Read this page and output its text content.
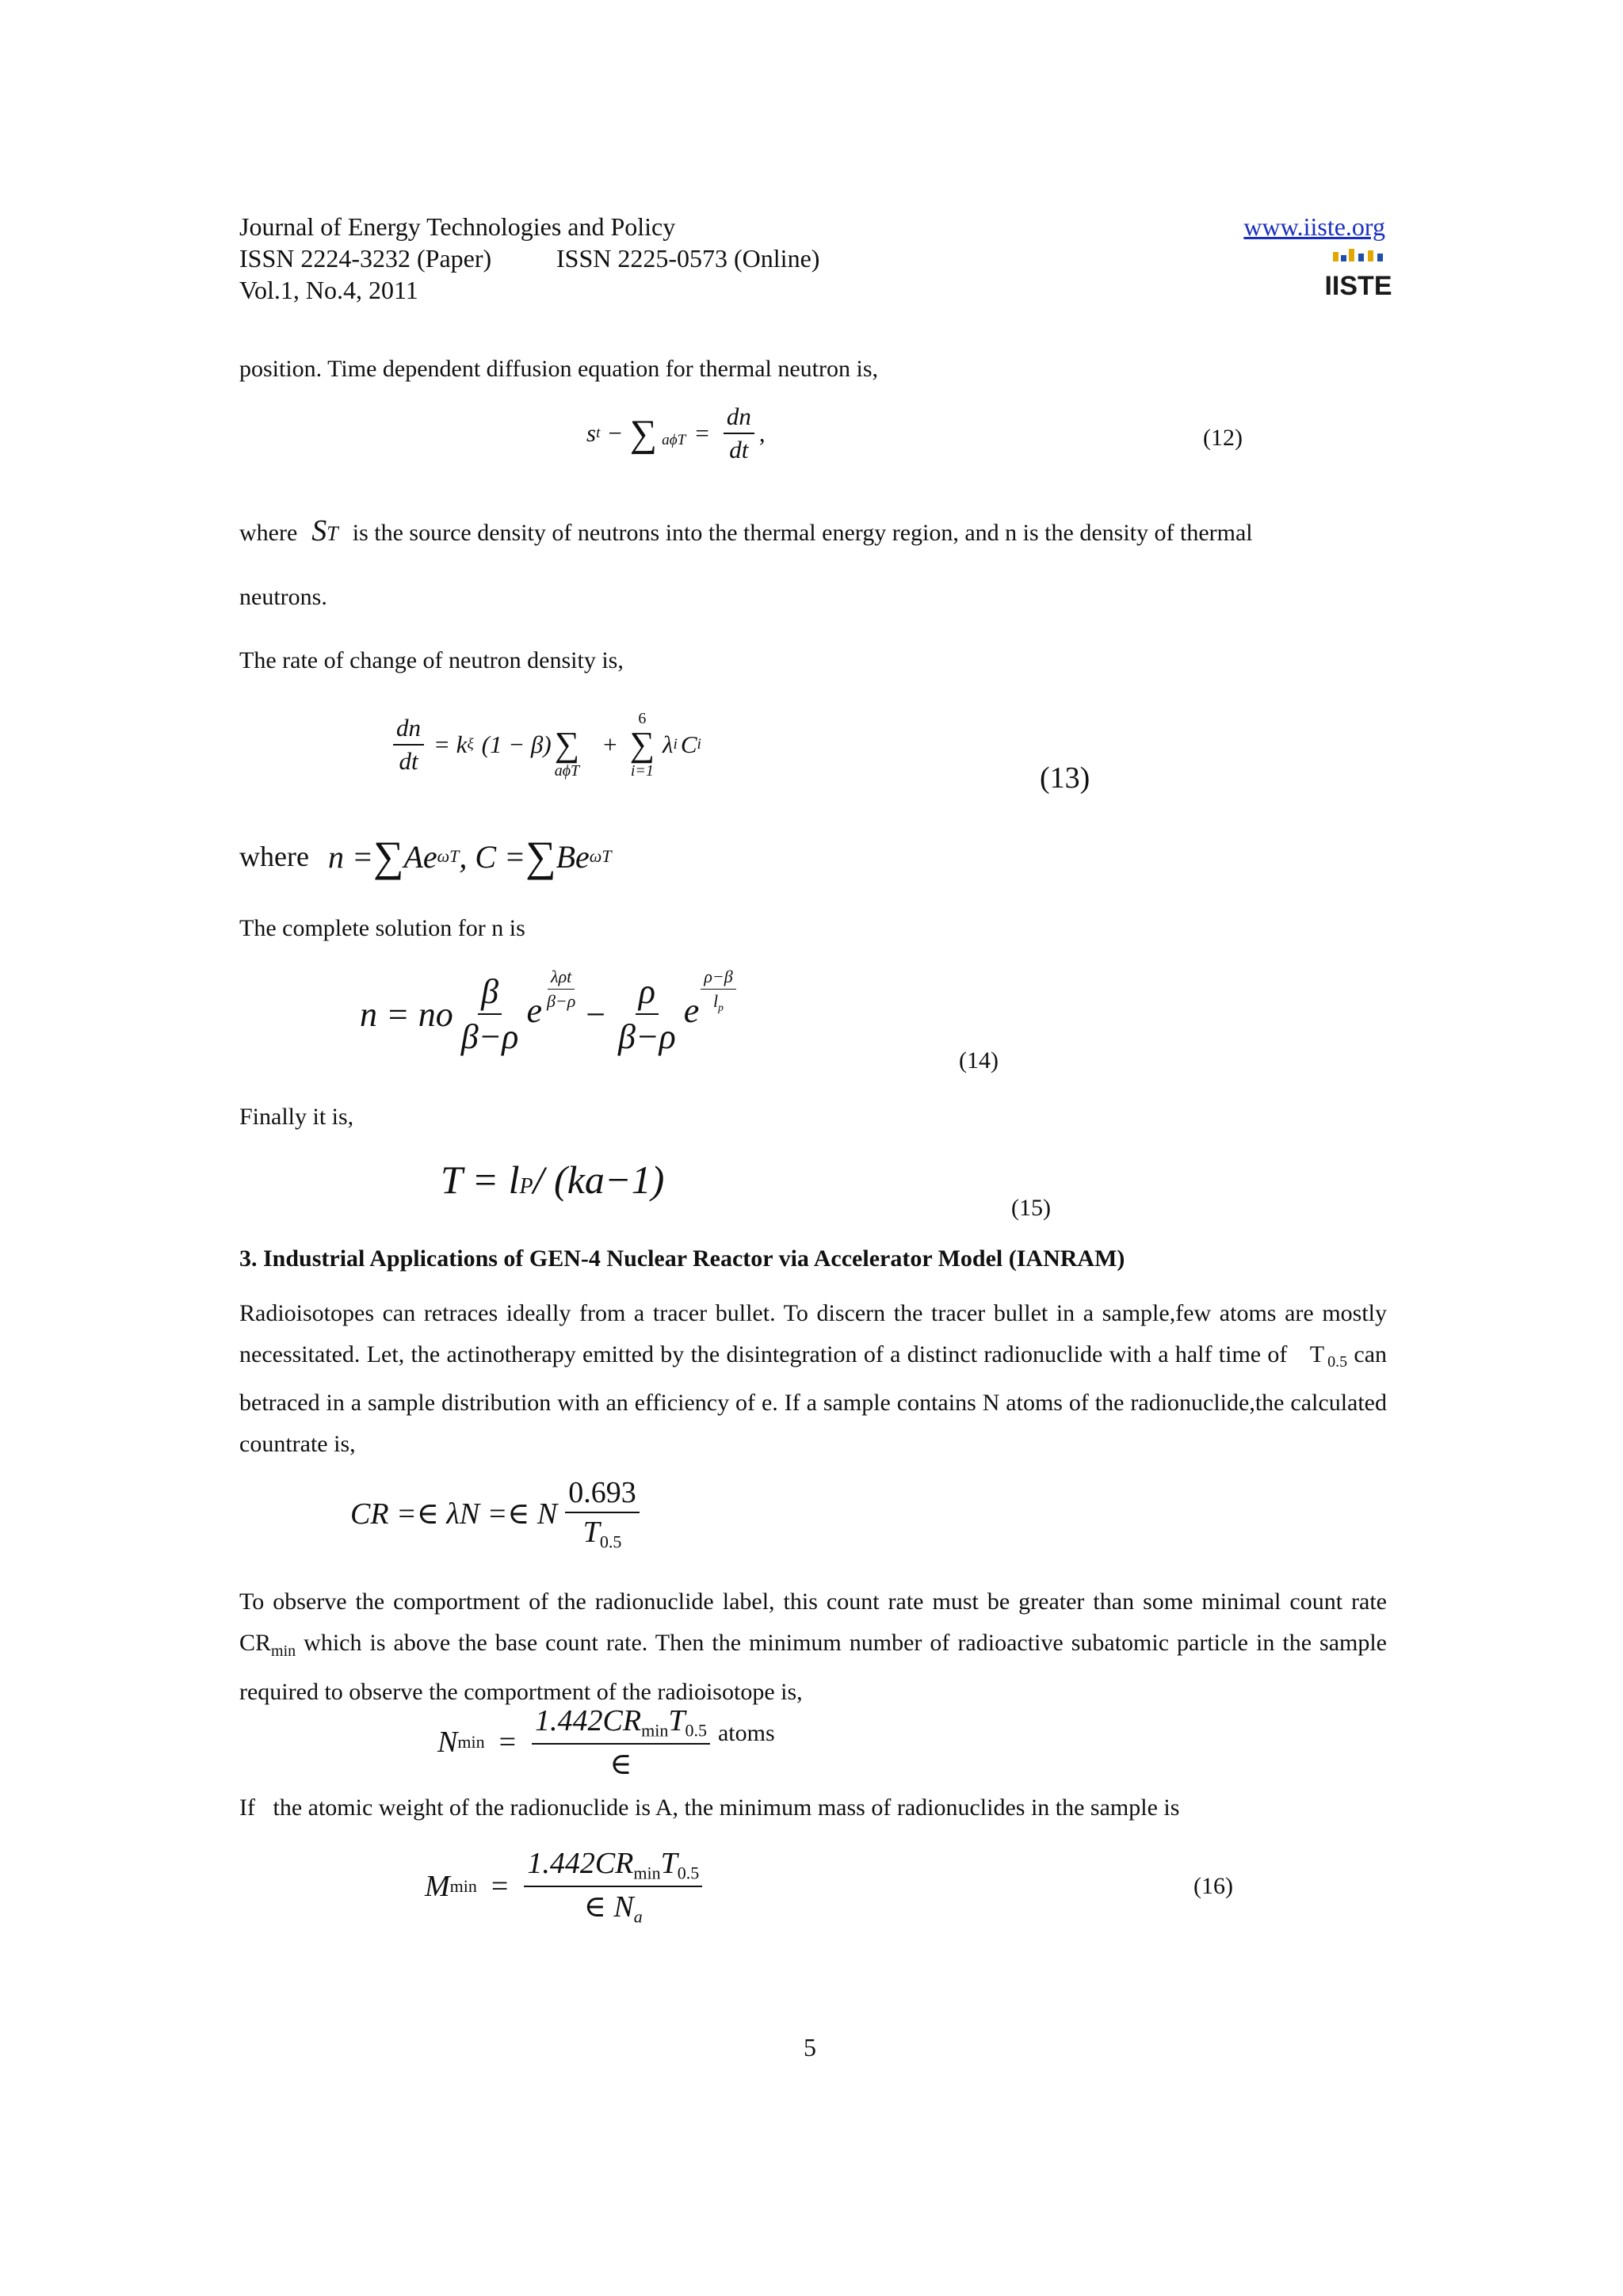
Journal of Energy Technologies and Policy
ISSN 2224-3232 (Paper)	ISSN 2225-0573 (Online)
Vol.1, No.4, 2011
www.iiste.org
IISTE
position. Time dependent diffusion equation for thermal neutron is,
s t − ∑ $a\phi T = \frac{dn}{dt}$ ,	(12)
where S T is the source density of neutrons into the thermal energy region, and n is the density of thermal
neutrons.
The rate of change of neutron density is,
$\frac{dn}{dt} = k$ ξ (1 − β)
∑
aϕT
+
6
∑
i=1
λ i C i
(13)
where n = ∑ Ae ωT , C = ∑ Be ωT
The complete solution for n is
n = no $\frac{\beta}{\beta-\rho}$ e $\frac{\text{λρt}}{\beta-\rho}$
− $\frac{\rho}{\beta-\rho}$ e $\frac{\rho-\beta}{l_p}$
(14)
Finally it is,
T = l P / (ka−1)
(15)
3. Industrial Applications of GEN-4 Nuclear Reactor via Accelerator Model (IANRAM)
Radioisotopes can retraces ideally from a tracer bullet. To discern the tracer bullet in a sample,few atoms are mostly necessitated. Let, the actinotherapy emitted by the disintegration of a distinct radionuclide with a half time of T $_{0.5}$ can betraced in a sample distribution with an efficiency of e. If a sample contains N atoms of the radionuclide,the calculated countrate is,
CR =∈ λN =∈ N $\frac{0.693}{T_{0.5}}$
To observe the comportment of the radionuclide label, this count rate must be greater than some minimal count rate $CR_{min}$ which is above the base count rate. Then the minimum number of radioactive subatomic particle in the sample required to observe the comportment of the radioisotope is,
N $\min = \frac{1.442CR_{min}T_{0.5}}{\in}$ atoms
If   the atomic weight of the radionuclide is A, the minimum mass of radionuclides in the sample is
M $\min = \frac{1.442CR_{min}T_{0.5}}{\in N_a}$	(16)
5
